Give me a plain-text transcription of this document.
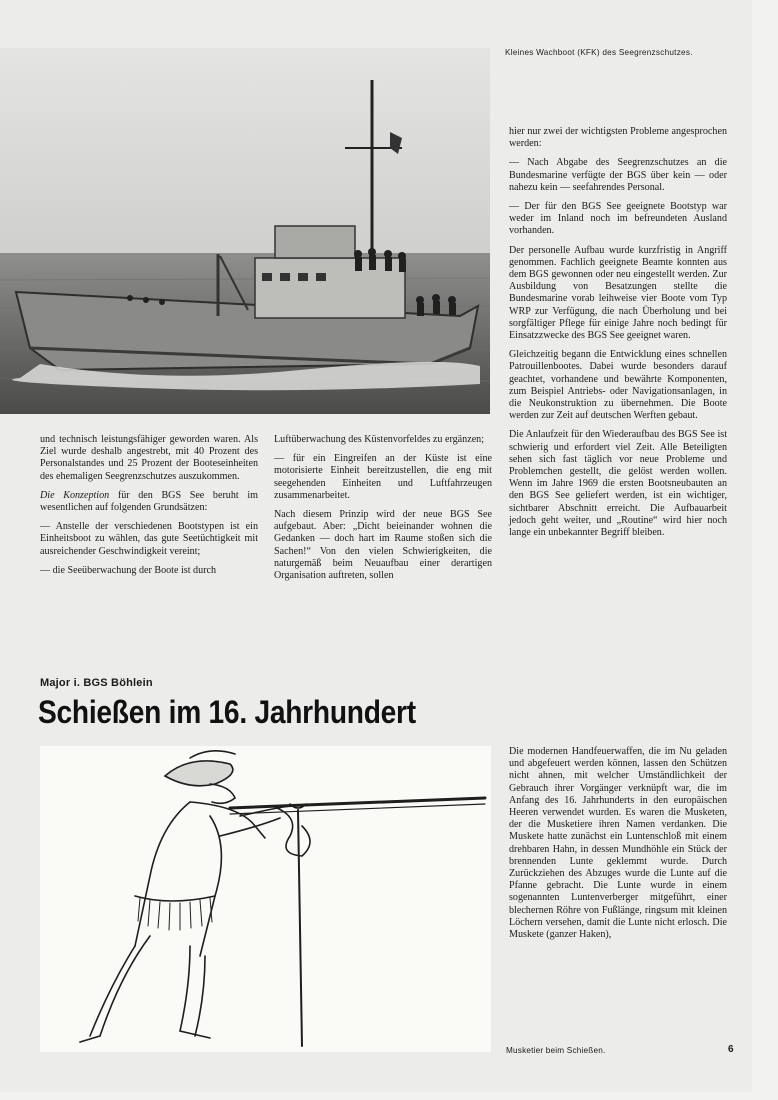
Kleines Wachboot (KFK) des Seegrenzschutzes.

und technisch leistungsfähiger geworden waren. Als Ziel wurde deshalb angestrebt, mit 40 Prozent des Personalstandes und 25 Prozent der Booteseinheiten des ehemaligen Seegrenzschutzes auszukommen.

Die Konzeption für den BGS See beruht im wesentlichen auf folgenden Grundsätzen:

— Anstelle der verschiedenen Bootstypen ist ein Einheitsboot zu wählen, das gute Seetüchtigkeit mit ausreichender Geschwindigkeit vereint;

— die Seeüberwachung der Boote ist durch

Luftüberwachung des Küstenvorfeldes zu ergänzen;

— für ein Eingreifen an der Küste ist eine motorisierte Einheit bereitzustellen, die eng mit seegehenden Einheiten und Luftfahrzeugen zusammenarbeitet.

Nach diesem Prinzip wird der neue BGS See aufgebaut. Aber: „Dicht beieinander wohnen die Gedanken — doch hart im Raume stoßen sich die Sachen!“ Von den vielen Schwierigkeiten, die naturgemäß beim Neuaufbau einer derartigen Organisation auftreten, sollen

hier nur zwei der wichtigsten Probleme angesprochen werden:

— Nach Abgabe des Seegrenzschutzes an die Bundesmarine verfügte der BGS über kein — oder nahezu kein — seefahrendes Personal.

— Der für den BGS See geeignete Bootstyp war weder im Inland noch im befreundeten Ausland vorhanden.

Der personelle Aufbau wurde kurzfristig in Angriff genommen. Fachlich geeignete Beamte konnten aus dem BGS gewonnen oder neu eingestellt werden. Zur Ausbildung von Besatzungen stellte die Bundesmarine vorab leihweise vier Boote vom Typ WRP zur Verfügung, die nach Überholung und bei sorgfältiger Pflege für einige Jahre noch bedingt für Einsatzzwecke des BGS See geeignet waren.

Gleichzeitig begann die Entwicklung eines schnellen Patrouillenbootes. Dabei wurde besonders darauf geachtet, vorhandene und bewährte Komponenten, zum Beispiel Antriebs- oder Navigationsanlagen, in die Neukonstruktion zu übernehmen. Die Boote werden zur Zeit auf deutschen Werften gebaut.

Die Anlaufzeit für den Wiederaufbau des BGS See ist schwierig und erfordert viel Zeit. Alle Beteiligten sehen sich fast täglich vor neue Probleme und Problemchen gestellt, die gelöst werden wollen. Wenn im Jahre 1969 die ersten Bootsneubauten an den BGS See geliefert werden, ist ein wichtiger, sichtbarer Abschnitt erreicht. Die Aufbauarbeit jedoch geht weiter, und „Routine“ wird hier noch lange ein unbekannter Begriff bleiben.

Major i. BGS Böhlein
Schießen im 16. Jahrhundert

Die modernen Handfeuerwaffen, die im Nu geladen und abgefeuert werden können, lassen den Schützen nicht ahnen, mit welcher Umständlichkeit der Gebrauch ihrer Vorgänger verknüpft war, die im Anfang des 16. Jahrhunderts in den europäischen Heeren verwendet wurden. Es waren die Musketen, der die Musketiere ihren Namen verdanken. Die Muskete hatte zunächst ein Luntenschloß mit einem drehbaren Hahn, in dessen Mundhöhle ein Stück der brennenden Lunte geklemmt wurde. Durch Zurückziehen des Abzuges wurde die Lunte auf die Pfanne gebracht. Die Lunte wurde in einem sogenannten Luntenverberger mitgeführt, einer blechernen Röhre von Fußlänge, ringsum mit kleinen Löchern versehen, damit die Lunte nicht erlosch. Die Muskete (ganzer Haken),

Musketier beim Schießen.	6
